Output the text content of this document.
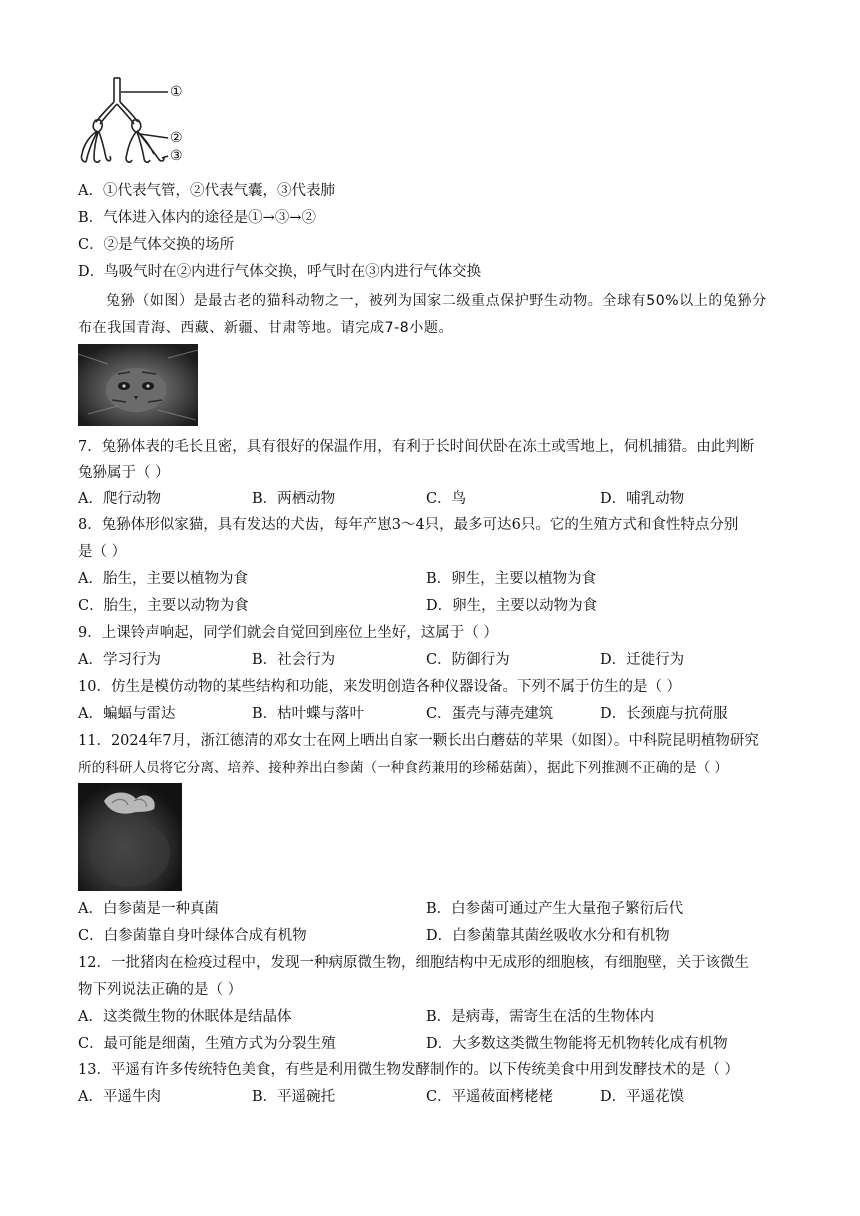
①
②
③
A．①代表气管，②代表气囊，③代表肺
B．气体进入体内的途径是①→③→②
C．②是气体交换的场所
D．鸟吸气时在②内进行气体交换，呼气时在③内进行气体交换
兔狲（如图）是最古老的猫科动物之一，被列为国家二级重点保护野生动物。全球有50%以上的兔狲分
布在我国青海、西藏、新疆、甘肃等地。请完成7-8小题。
7．兔狲体表的毛长且密，具有很好的保温作用，有利于长时间伏卧在冻土或雪地上，伺机捕猎。由此判断
兔狲属于（ ）
A．爬行动物	B．两栖动物	C．鸟	D．哺乳动物
8．兔狲体形似家猫，具有发达的犬齿，每年产崽3～4只，最多可达6只。它的生殖方式和食性特点分别
是（ ）
A．胎生，主要以植物为食	B．卵生，主要以植物为食
C．胎生，主要以动物为食	D．卵生，主要以动物为食
9．上课铃声响起，同学们就会自觉回到座位上坐好，这属于（ ）
A．学习行为	B．社会行为	C．防御行为	D．迁徙行为
10．仿生是模仿动物的某些结构和功能，来发明创造各种仪器设备。下列不属于仿生的是（ ）
A．蝙蝠与雷达	B．枯叶蝶与落叶	C．蛋壳与薄壳建筑	D．长颈鹿与抗荷服
11．2024年7月，浙江德清的邓女士在网上晒出自家一颗长出白蘑菇的苹果（如图）。中科院昆明植物研究
所的科研人员将它分离、培养、接种养出白参菌（一种食药兼用的珍稀菇菌），据此下列推测不正确的是（ ）
A．白参菌是一种真菌	B．白参菌可通过产生大量孢子繁衍后代
C．白参菌靠自身叶绿体合成有机物	D．白参菌靠其菌丝吸收水分和有机物
12．一批猪肉在检疫过程中，发现一种病原微生物，细胞结构中无成形的细胞核，有细胞壁，关于该微生
物下列说法正确的是（ ）
A．这类微生物的休眠体是结晶体	B．是病毒，需寄生在活的生物体内
C．最可能是细菌，生殖方式为分裂生殖	D．大多数这类微生物能将无机物转化成有机物
13．平遥有许多传统特色美食，有些是利用微生物发酵制作的。以下传统美食中用到发酵技术的是（ ）
A．平遥牛肉	B．平遥碗托	C．平遥莜面栲栳栳	D．平遥花馍
